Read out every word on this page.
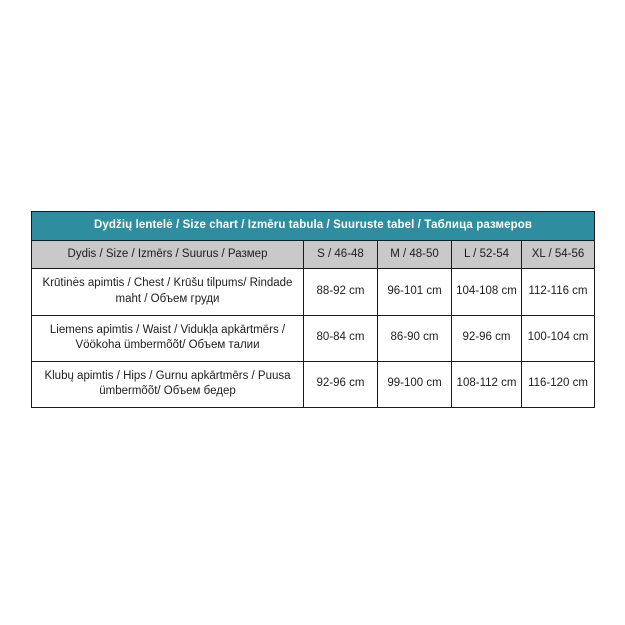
Dydžių lentelė / Size chart / Izmēru tabula / Suuruste tabel / Таблица размеров				
Dydis / Size / Izmērs / Suurus / Размер	S / 46-48	M / 48-50	L / 52-54	XL / 54-56
Krūtinės apimtis / Chest / Krūšu tilpums/ Rindade maht / Объем груди	88-92 cm	96-101 cm	104-108 cm	112-116 cm
Liemens apimtis / Waist / Vidukļa apkārtmērs / Vöökoha ümbermõõt/ Объем талии	80-84 cm	86-90 cm	92-96 cm	100-104 cm
Klubų apimtis / Hips / Gurnu apkārtmērs / Puusa ümbermõõt/ Объем бедер	92-96 cm	99-100 cm	108-112 cm	116-120 cm
